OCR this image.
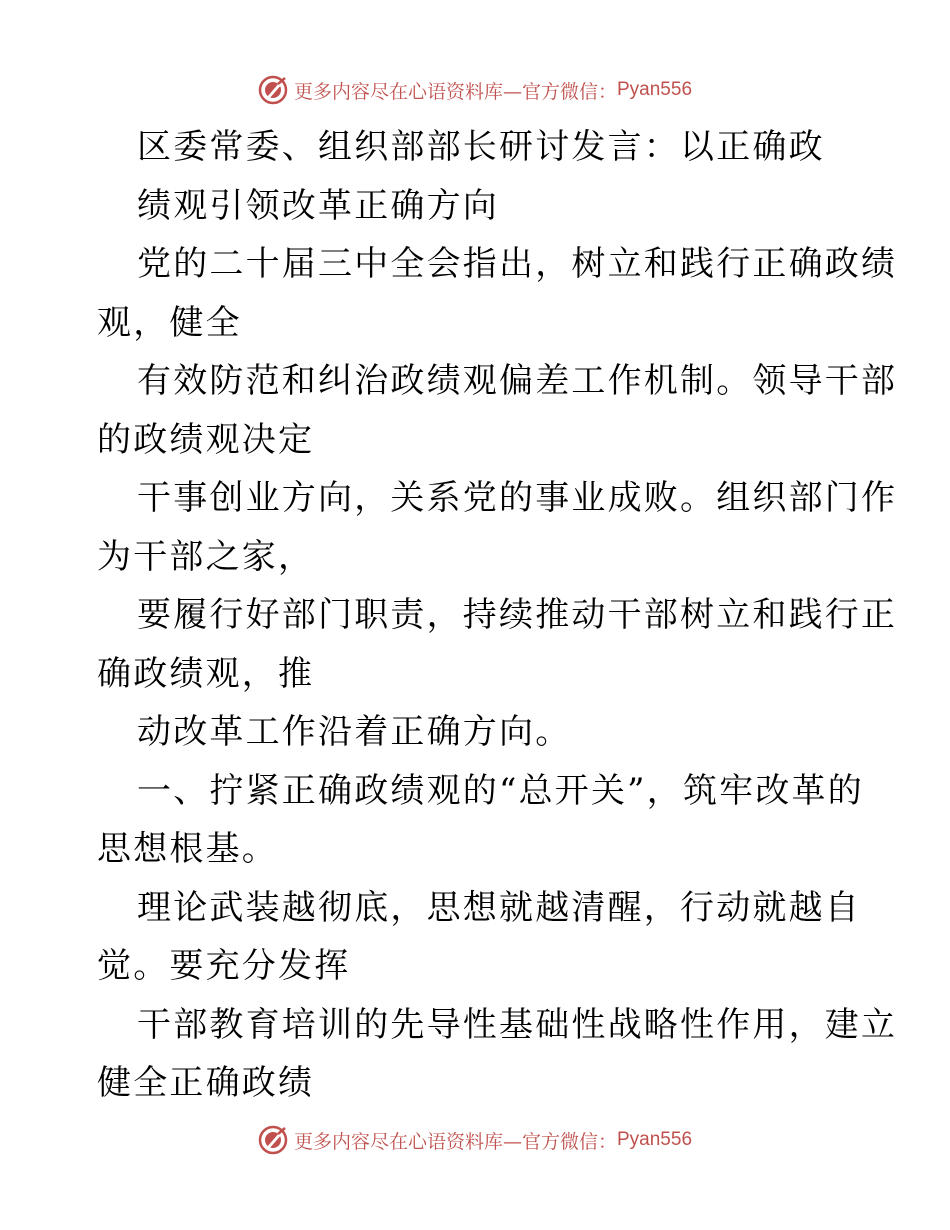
更多内容尽在心语资料库—官方微信： Pyan556
区委常委、组织部部长研讨发言：以正确政
绩观引领改革正确方向
党的二十届三中全会指出，树立和践行正确政绩
观，健全
有效防范和纠治政绩观偏差工作机制。领导干部
的政绩观决定
干事创业方向，关系党的事业成败。组织部门作
为干部之家，
要履行好部门职责，持续推动干部树立和践行正
确政绩观，推
动改革工作沿着正确方向。
一、拧紧正确政绩观的“总开关”，筑牢改革的
思想根基。
理论武装越彻底，思想就越清醒，行动就越自
觉。要充分发挥
干部教育培训的先导性基础性战略性作用，建立
健全正确政绩
更多内容尽在心语资料库—官方微信： Pyan556
